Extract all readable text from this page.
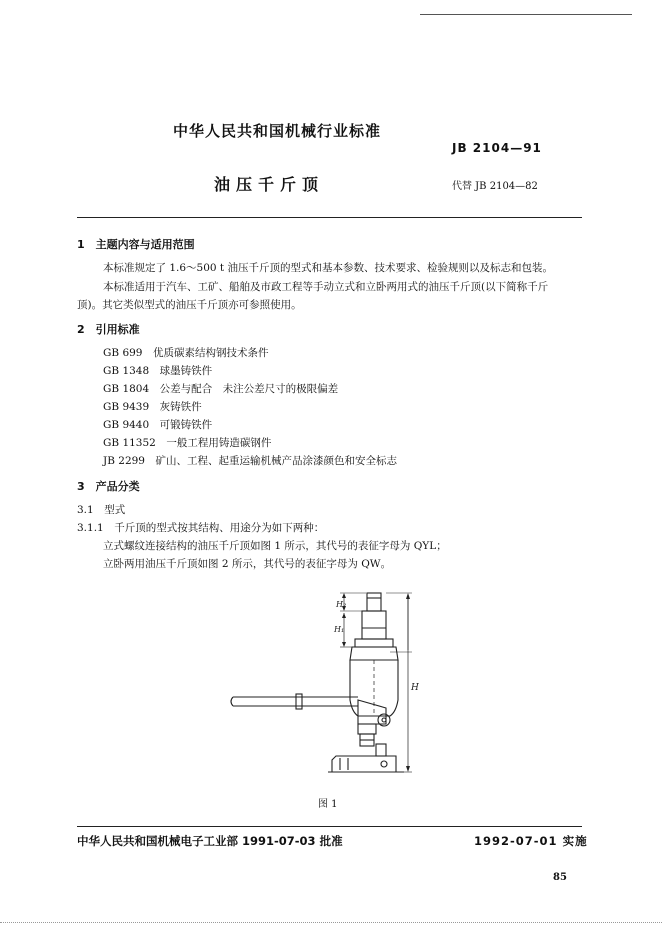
中华人民共和国机械行业标准
JB 2104—91
油压千斤顶	代替 JB 2104—82
1　主题内容与适用范围
本标准规定了 1.6～500 t 油压千斤顶的型式和基本参数、技术要求、检验规则以及标志和包装。
本标准适用于汽车、工矿、船舶及市政工程等手动立式和立卧两用式的油压千斤顶(以下简称千斤
顶)。其它类似型式的油压千斤顶亦可参照使用。
2　引用标准
GB 699　优质碳素结构钢技术条件
GB 1348　球墨铸铁件
GB 1804　公差与配合　未注公差尺寸的极限偏差
GB 9439　灰铸铁件
GB 9440　可锻铸铁件
GB 11352　一般工程用铸造碳钢件
JB 2299　矿山、工程、起重运输机械产品涂漆颜色和安全标志
3　产品分类
3.1　型式
3.1.1　千斤顶的型式按其结构、用途分为如下两种：
立式螺纹连接结构的油压千斤顶如图 1 所示，其代号的表征字母为 QYL；
立卧两用油压千斤顶如图 2 所示，其代号的表征字母为 QW。
H₂
H₁
H
图 1
中华人民共和国机械电子工业部 1991-07-03 批准	1992-07-01 实施
85
